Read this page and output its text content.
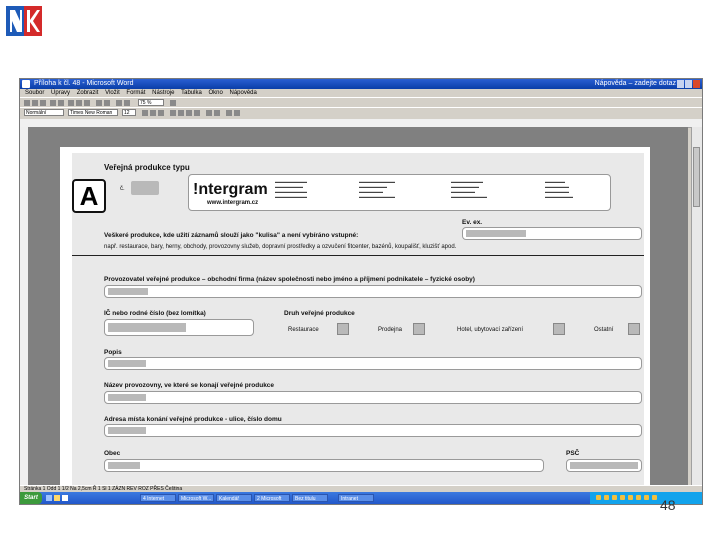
Příloha k čl. 48 - Microsoft Word	Nápověda – zadejte dotaz
Soubor Úpravy Zobrazit Vložit Formát Nástroje Tabulka Okno Nápověda
75 %
Normální	Times New Roman	12
Veřejná produkce typu
A	č.	!ntergram
www.intergram.cz
▬▬▬▬▬▬▬▬
▬▬▬▬▬▬▬
▬▬▬▬▬▬▬▬
▬▬▬▬▬▬▬▬
▬▬▬▬▬▬▬▬▬
▬▬▬▬▬▬▬
▬▬▬▬▬▬
▬▬▬▬▬▬▬▬▬
▬▬▬▬▬▬▬▬
▬▬▬▬▬▬▬
▬▬▬▬▬▬
▬▬▬▬▬▬▬▬▬
▬▬▬▬▬
▬▬▬▬▬▬
▬▬▬▬▬▬
▬▬▬▬▬▬▬
Ev. ex.
Veškeré produkce, kde užití záznamů slouží jako "kulisa" a není vybíráno vstupné:
např. restaurace, bary, herny, obchody, provozovny služeb, dopravní prostředky a ozvučení fitcenter, bazénů, koupališť, kluzišť apod.
Provozovatel veřejné produkce – obchodní firma (název společnosti nebo jméno a příjmení podnikatele – fyzické osoby)
IČ nebo rodné číslo (bez lomítka)	Druh veřejné produkce
Restaurace	Prodejna	Hotel, ubytovací zařízení	Ostatní
Popis
Název provozovny, ve které se konají veřejné produkce
Adresa místa konání veřejné produkce - ulice, číslo domu
Obec	PSČ
Stránka 1 Odd 1 1/2 Na 2,5cm Ř 1 Sl 1 ZÁZN REV ROZ PŘES Čeština
Start	4 Internet	Microsoft W...	Kalendář	2 Microsoft	Bez titulu	Intranet	48
